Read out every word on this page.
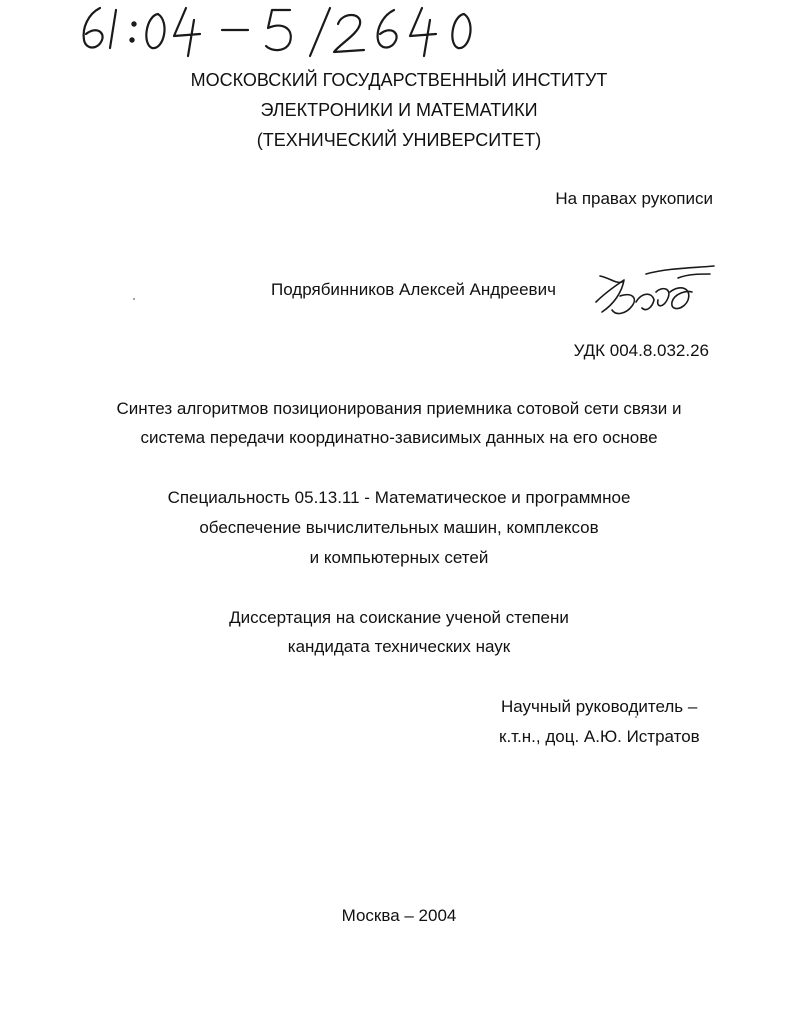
МОСКОВСКИЙ ГОСУДАРСТВЕННЫЙ ИНСТИТУТ
ЭЛЕКТРОНИКИ И МАТЕМАТИКИ
(ТЕХНИЧЕСКИЙ УНИВЕРСИТЕТ)
На правах рукописи
Подрябинников Алексей Андреевич
УДК 004.8.032.26
Синтез алгоритмов позиционирования приемника сотовой сети связи и
система передачи координатно-зависимых данных на его основе
Специальность 05.13.11 - Математическое и программное
обеспечение вычислительных машин, комплексов
и компьютерных сетей
Диссертация на соискание ученой степени
кандидата технических наук
Научный руководитель –
к.т.н., доц. А.Ю. Истратов
Москва – 2004
